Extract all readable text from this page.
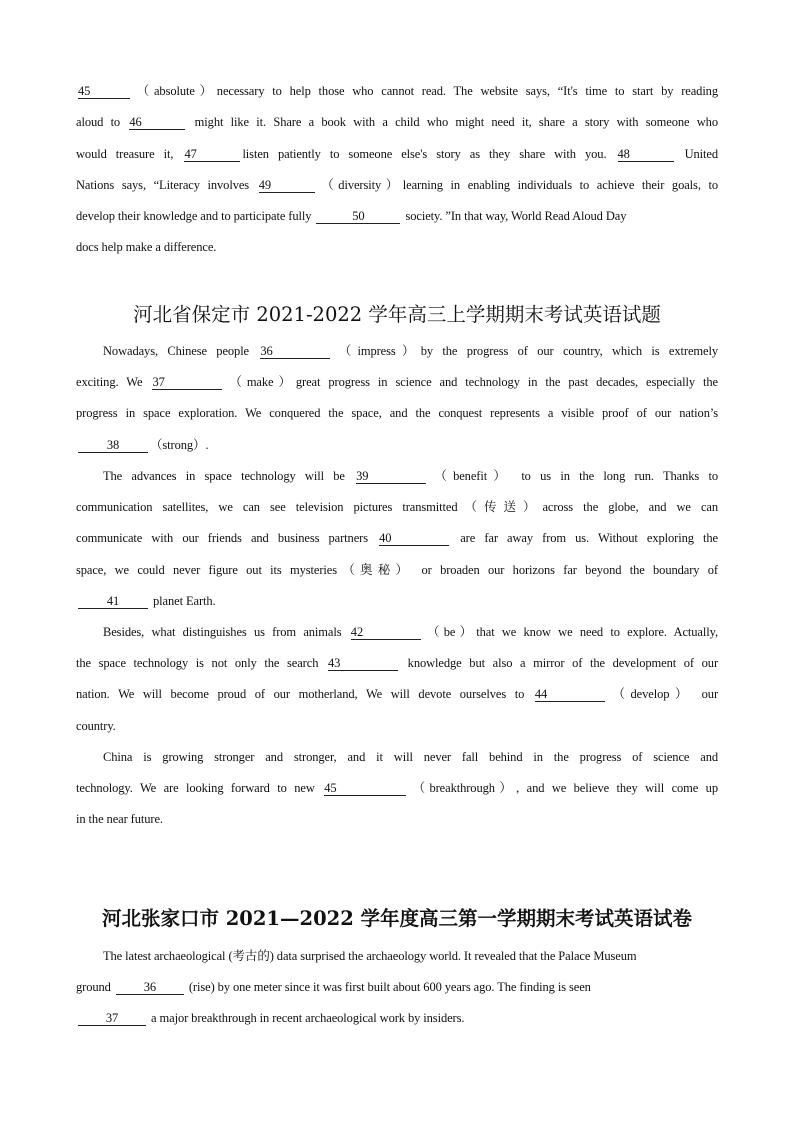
45	（absolute）necessary to help those who cannot read. The website says, “It's time to start by reading
aloud to 46	might like it. Share a book with a child who might need it, share a story with someone who
would treasure it, 47	listen patiently to someone else's story as they share with you. 48	United
Nations says, “Literacy involves 49	（diversity）learning in enabling individuals to achieve their goals, to
develop their knowledge and to participate fully	50	society. ”In that way, World Read Aloud Day
docs help make a difference.
河北省保定市 2021-2022 学年高三上学期期末考试英语试题
Nowadays, Chinese people 36	（impress）by the progress of our country, which is extremely
exciting. We 37	（make）great progress in science and technology in the past decades, especially the
progress in space exploration. We conquered the space, and the conquest represents a visible proof of our nation’s
38 （strong）.
The advances in space technology will be 39	（benefit） to us in the long run. Thanks to
communication satellites, we can see television pictures transmitted（传送）across the globe, and we can
communicate with our friends and business partners 40	are far away from us. Without exploring the
space, we could never figure out its mysteries（奥秘） or broaden our horizons far beyond the boundary of
41 planet Earth.
Besides, what distinguishes us from animals 42	（be）that we know we need to explore. Actually,
the space technology is not only the search 43	knowledge but also a mirror of the development of our
nation. We will become proud of our motherland, We will devote ourselves to 44	（develop） our
country.
China is growing stronger and stronger, and it will never fall behind in the progress of science and
technology. We are looking forward to new 45	（breakthrough）, and we believe they will come up
in the near future.
河北张家口市 2021—2022 学年度高三第一学期期末考试英语试卷
The latest archaeological (考古的) data surprised the archaeology world. It revealed that the Palace Museum
ground 36 (rise) by one meter since it was first built about 600 years ago. The finding is seen
37 a major breakthrough in recent archaeological work by insiders.
